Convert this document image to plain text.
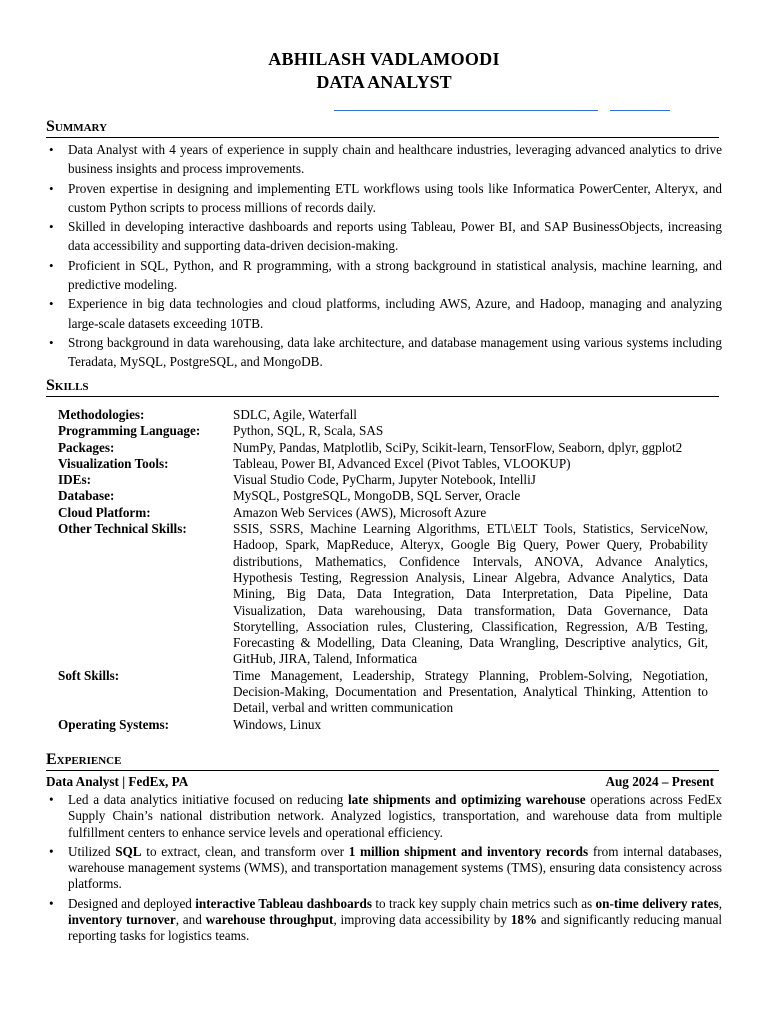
ABHILASH VADLAMOODI
DATA ANALYST
Summary
• Data Analyst with 4 years of experience in supply chain and healthcare industries, leveraging advanced analytics to drive business insights and process improvements.
• Proven expertise in designing and implementing ETL workflows using tools like Informatica PowerCenter, Alteryx, and custom Python scripts to process millions of records daily.
• Skilled in developing interactive dashboards and reports using Tableau, Power BI, and SAP BusinessObjects, increasing data accessibility and supporting data-driven decision-making.
• Proficient in SQL, Python, and R programming, with a strong background in statistical analysis, machine learning, and predictive modeling.
• Experience in big data technologies and cloud platforms, including AWS, Azure, and Hadoop, managing and analyzing large-scale datasets exceeding 10TB.
• Strong background in data warehousing, data lake architecture, and database management using various systems including Teradata, MySQL, PostgreSQL, and MongoDB.
Skills
Methodologies:	SDLC, Agile, Waterfall
Programming Language:	Python, SQL, R, Scala, SAS
Packages:	NumPy, Pandas, Matplotlib, SciPy, Scikit-learn, TensorFlow, Seaborn, dplyr, ggplot2
Visualization Tools:	Tableau, Power BI, Advanced Excel (Pivot Tables, VLOOKUP)
IDEs:	Visual Studio Code, PyCharm, Jupyter Notebook, IntelliJ
Database:	MySQL, PostgreSQL, MongoDB, SQL Server, Oracle
Cloud Platform:	Amazon Web Services (AWS), Microsoft Azure
Other Technical Skills:	SSIS, SSRS, Machine Learning Algorithms, ETL\ELT Tools, Statistics, ServiceNow, Hadoop, Spark, MapReduce, Alteryx, Google Big Query, Power Query, Probability distributions, Mathematics, Confidence Intervals, ANOVA, Advance Analytics, Hypothesis Testing, Regression Analysis, Linear Algebra, Advance Analytics, Data Mining, Big Data, Data Integration, Data Interpretation, Data Pipeline, Data Visualization, Data warehousing, Data transformation, Data Governance, Data Storytelling, Association rules, Clustering, Classification, Regression, A/B Testing, Forecasting & Modelling, Data Cleaning, Data Wrangling, Descriptive analytics, Git, GitHub, JIRA, Talend, Informatica
Soft Skills:	Time Management, Leadership, Strategy Planning, Problem-Solving, Negotiation, Decision-Making, Documentation and Presentation, Analytical Thinking, Attention to Detail, verbal and written communication
Operating Systems:	Windows, Linux
Experience
Data Analyst | FedEx, PA	Aug 2024 – Present
• Led a data analytics initiative focused on reducing late shipments and optimizing warehouse operations across FedEx Supply Chain’s national distribution network. Analyzed logistics, transportation, and warehouse data from multiple fulfillment centers to enhance service levels and operational efficiency.
• Utilized SQL to extract, clean, and transform over 1 million shipment and inventory records from internal databases, warehouse management systems (WMS), and transportation management systems (TMS), ensuring data consistency across platforms.
• Designed and deployed interactive Tableau dashboards to track key supply chain metrics such as on-time delivery rates, inventory turnover, and warehouse throughput, improving data accessibility by 18% and significantly reducing manual reporting tasks for logistics teams.
